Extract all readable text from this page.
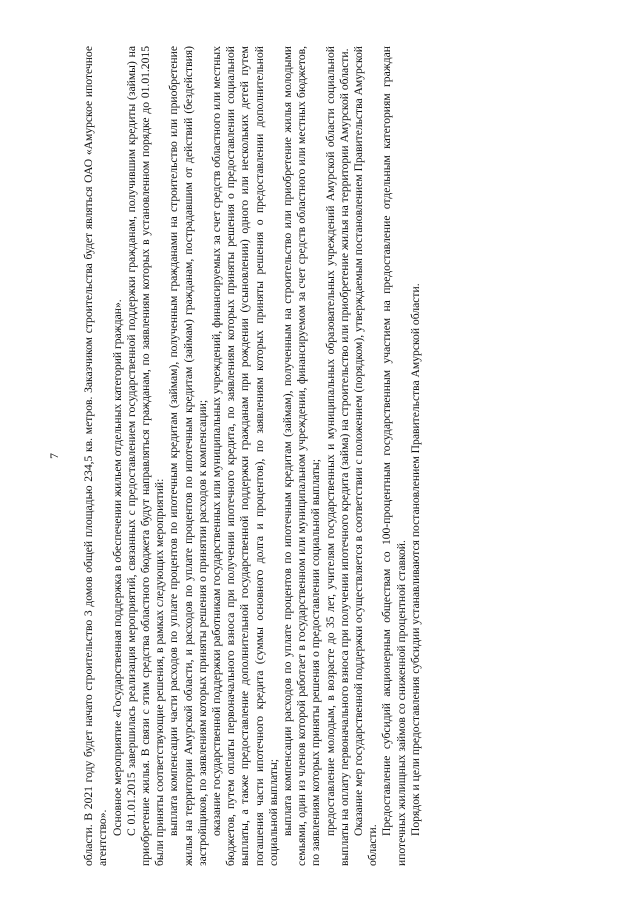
7 области. В 2021 году будет начато строительство 3 домов общей площадью 234,5 кв. метров. Заказчиком строительства будет являться ОАО «Амурское ипотечное агентство».

Основное мероприятие «Государственная поддержка в обеспечении жильем отдельных категорий граждан». С 01.01.2015 завершилась реализация мероприятий, связанных с предоставлением государственной поддержки гражданам, получившим кредиты (займы) на приобретение жилья. В связи с этим средства областного бюджета будут направляться гражданам, по заявлениям которых в установленном порядке до 01.01.2015 были приняты соответствующие решения, в рамках следующих мероприятий: выплата компенсации части расходов по уплате процентов по ипотечным кредитам (займам), полученным гражданами на строительство или приобретение жилья на территории Амурской области, и расходов по уплате процентов по ипотечным кредитам (займам) гражданам, пострадавшим от действий (бездействия) застройщиков, по заявлениям которых приняты решения о принятии расходов к компенсации; оказание государственной поддержки работникам государственных или муниципальных учреждений, финансируемых за счет средств областного или местных бюджетов, путем оплаты первоначального взноса при получении ипотечного кредита, по заявлениям которых приняты решения о предоставлении социальной выплаты, а также предоставление дополнительной государственной поддержки гражданам при рождении (усыновлении) одного или нескольких детей путем погашения части ипотечного кредита (суммы основного долга и процентов), по заявлениям которых приняты решения о предоставлении дополнительной социальной выплаты; выплата компенсации расходов по уплате процентов по ипотечным кредитам (займам), полученным на строительство или приобретение жилья молодыми семьями, один из членов которой работает в государственном или муниципальном учреждении, финансируемом за счет средств областного или местных бюджетов, по заявлениям которых приняты решения о предоставлении социальной выплаты; предоставление молодым, в возрасте до 35 лет, учителям государственных и муниципальных образовательных учреждений Амурской области социальной выплаты на оплату первоначального взноса при получении ипотечного кредита (займа) на строительство или приобретение жилья на территории Амурской области. Оказание мер государственной поддержки осуществляется в соответствии с положением (порядком), утверждаемым постановлением Правительства Амурской области.

Предоставление субсидий акционерным обществам со 100-процентным государственным участием на предоставление отдельным категориям граждан ипотечных жилищных займов со сниженной процентной ставкой. Порядок и цели предоставления субсидии устанавливаются постановлением Правительства Амурской области.
